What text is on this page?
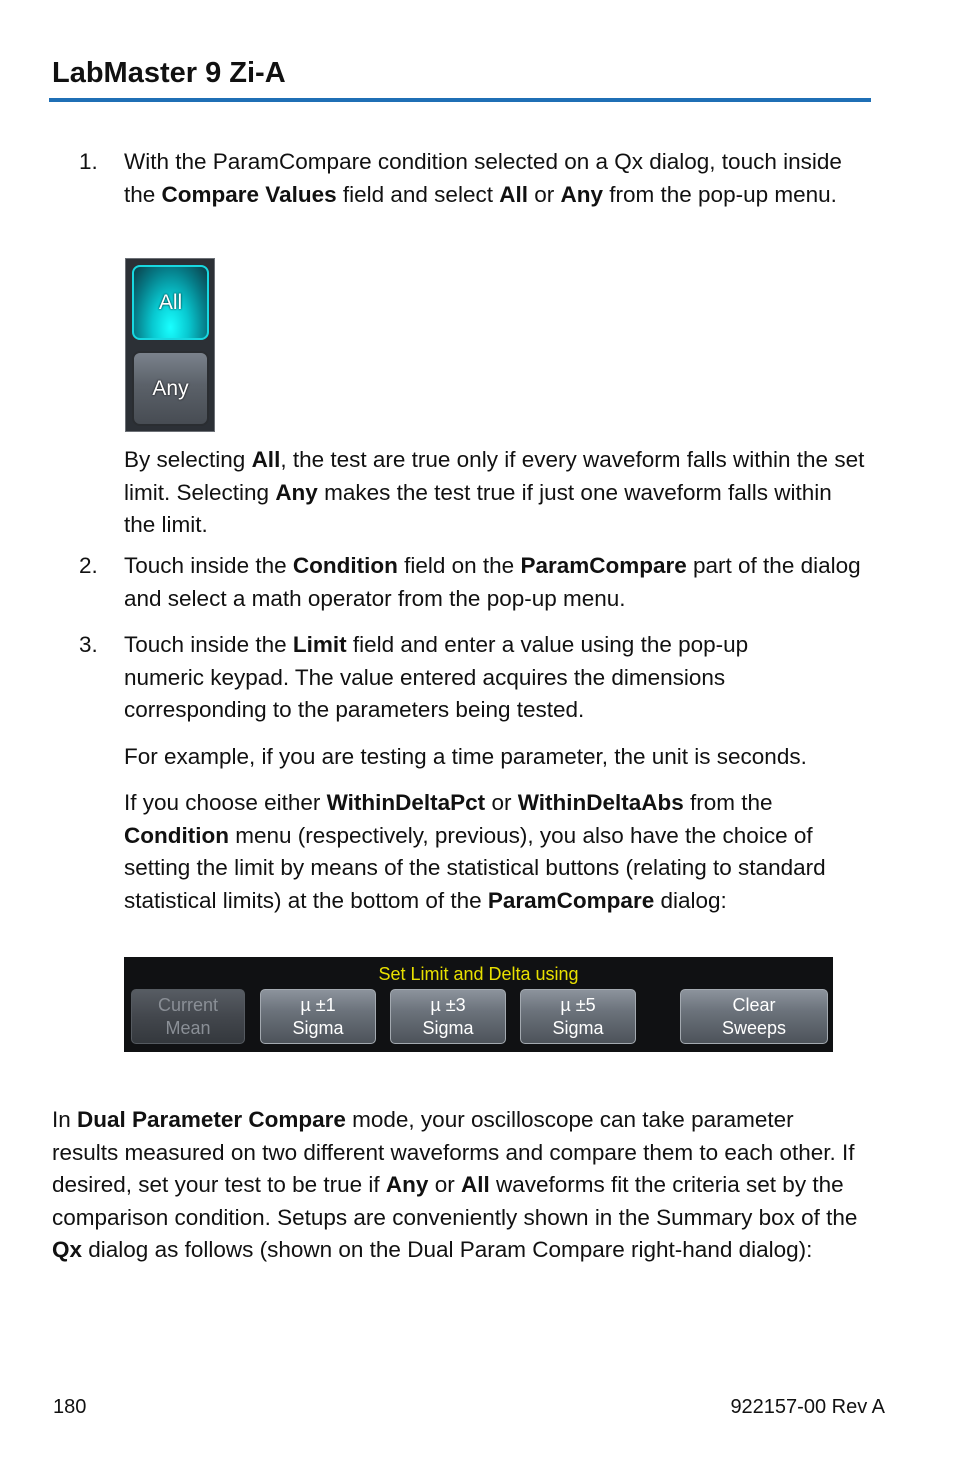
LabMaster 9 Zi-A
1. With the ParamCompare condition selected on a Qx dialog, touch inside the Compare Values field and select All or Any from the pop-up menu.
All
Any
By selecting All, the test are true only if every waveform falls within the set limit. Selecting Any makes the test true if just one waveform falls within the limit.
2. Touch inside the Condition field on the ParamCompare part of the dialog and select a math operator from the pop-up menu.
3. Touch inside the Limit field and enter a value using the pop-up numeric keypad. The value entered acquires the dimensions corresponding to the parameters being tested.
For example, if you are testing a time parameter, the unit is seconds.
If you choose either WithinDeltaPct or WithinDeltaAbs from the Condition menu (respectively, previous), you also have the choice of setting the limit by means of the statistical buttons (relating to standard statistical limits) at the bottom of the ParamCompare dialog:
Set Limit and Delta using
Current
Mean
µ ±1
Sigma
µ ±3
Sigma
µ ±5
Sigma
Clear
Sweeps
In Dual Parameter Compare mode, your oscilloscope can take parameter results measured on two different waveforms and compare them to each other. If desired, set your test to be true if Any or All waveforms fit the criteria set by the comparison condition. Setups are conveniently shown in the Summary box of the Qx dialog as follows (shown on the Dual Param Compare right-hand dialog):
180	922157-00 Rev A
